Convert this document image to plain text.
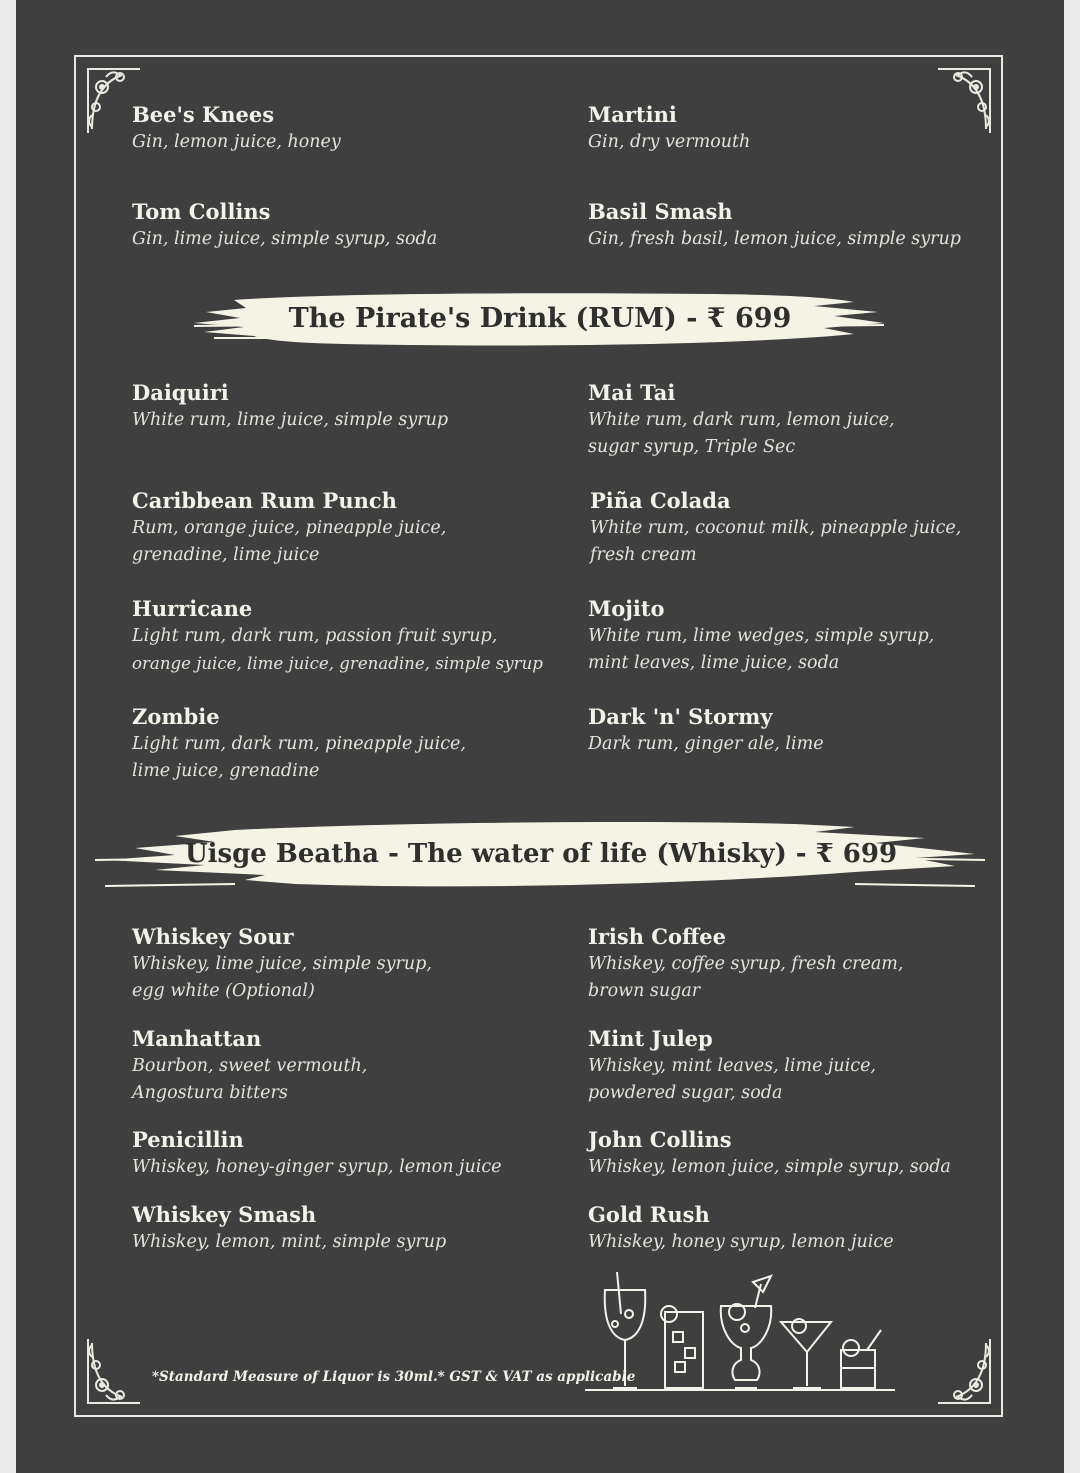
Bee's Knees
Gin, lemon juice, honey
Martini
Gin, dry vermouth
Tom Collins
Gin, lime juice, simple syrup, soda
Basil Smash
Gin, fresh basil, lemon juice, simple syrup
The Pirate's Drink (RUM) - ₹ 699
Daiquiri
White rum, lime juice, simple syrup
Mai Tai
White rum, dark rum, lemon juice,
sugar syrup, Triple Sec
Caribbean Rum Punch
Rum, orange juice, pineapple juice,
grenadine, lime juice
Piña Colada
White rum, coconut milk, pineapple juice,
fresh cream
Hurricane
Light rum, dark rum, passion fruit syrup,
orange juice, lime juice, grenadine, simple syrup
Mojito
White rum, lime wedges, simple syrup,
mint leaves, lime juice, soda
Zombie
Light rum, dark rum, pineapple juice,
lime juice, grenadine
Dark 'n' Stormy
Dark rum, ginger ale, lime
Uisge Beatha - The water of life (Whisky) - ₹ 699
Whiskey Sour
Whiskey, lime juice, simple syrup,
egg white (Optional)
Irish Coffee
Whiskey, coffee syrup, fresh cream,
brown sugar
Manhattan
Bourbon, sweet vermouth,
Angostura bitters
Mint Julep
Whiskey, mint leaves, lime juice,
powdered sugar, soda
Penicillin
Whiskey, honey-ginger syrup, lemon juice
John Collins
Whiskey, lemon juice, simple syrup, soda
Whiskey Smash
Whiskey, lemon, mint, simple syrup
Gold Rush
Whiskey, honey syrup, lemon juice
*Standard Measure of Liquor is 30ml.* GST & VAT as applicable
